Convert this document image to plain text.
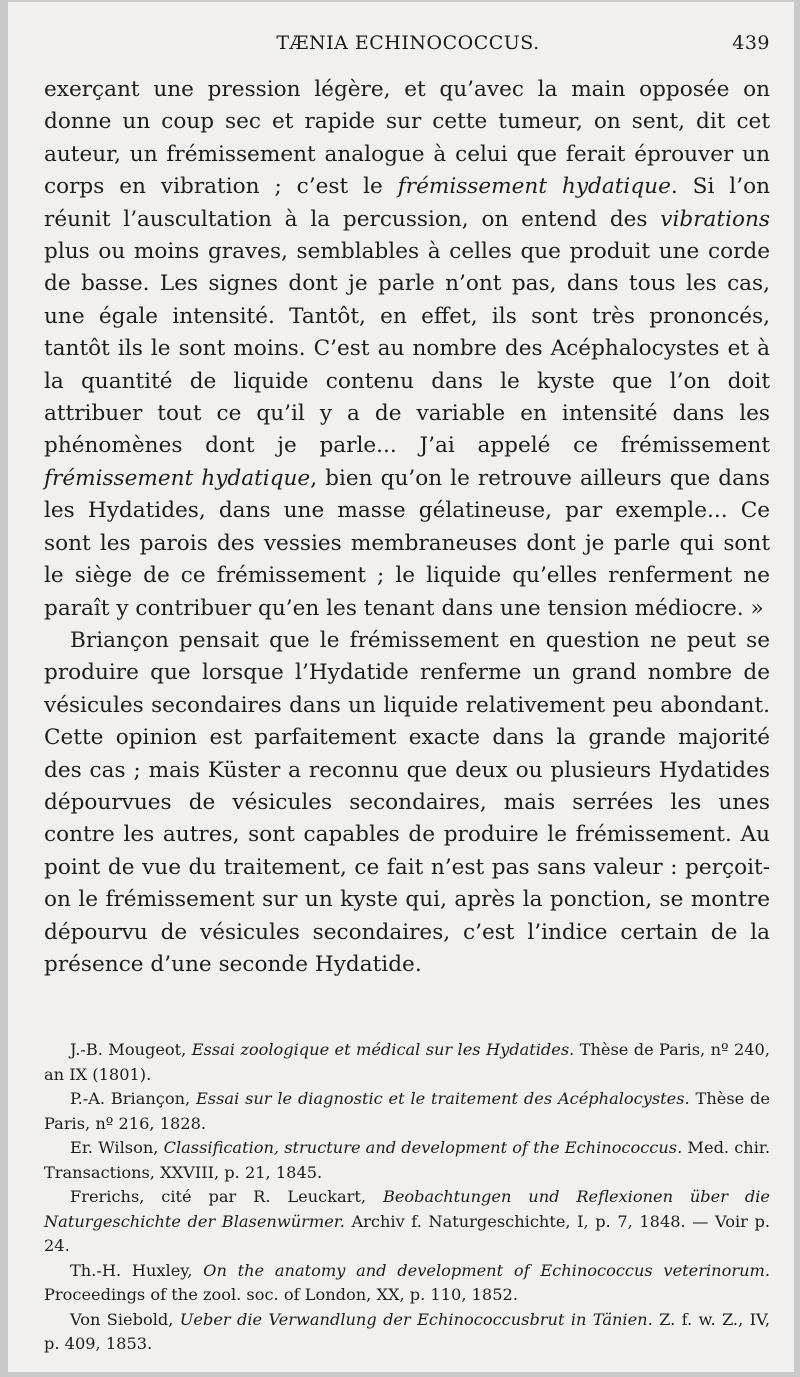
TÆNIA ECHINOCOCCUS.	439

exerçant une pression légère, et qu’avec la main opposée on donne un coup sec et rapide sur cette tumeur, on sent, dit cet auteur, un frémissement analogue à celui que ferait éprouver un corps en vibration ; c’est le frémissement hydatique. Si l’on réunit l’auscultation à la percussion, on entend des vibrations plus ou moins graves, semblables à celles que produit une corde de basse. Les signes dont je parle n’ont pas, dans tous les cas, une égale intensité. Tantôt, en effet, ils sont très prononcés, tantôt ils le sont moins. C’est au nombre des Acéphalocystes et à la quantité de liquide contenu dans le kyste que l’on doit attribuer tout ce qu’il y a de variable en intensité dans les phénomènes dont je parle... J’ai appelé ce frémissement frémissement hydatique, bien qu’on le retrouve ailleurs que dans les Hydatides, dans une masse gélatineuse, par exemple... Ce sont les parois des vessies membraneuses dont je parle qui sont le siège de ce frémissement ; le liquide qu’elles renferment ne paraît y contribuer qu’en les tenant dans une tension médiocre. »

Briançon pensait que le frémissement en question ne peut se produire que lorsque l’Hydatide renferme un grand nombre de vésicules secondaires dans un liquide relativement peu abondant. Cette opinion est parfaitement exacte dans la grande majorité des cas ; mais Küster a reconnu que deux ou plusieurs Hydatides dépourvues de vésicules secondaires, mais serrées les unes contre les autres, sont capables de produire le frémissement. Au point de vue du traitement, ce fait n’est pas sans valeur : perçoit-on le frémissement sur un kyste qui, après la ponction, se montre dépourvu de vésicules secondaires, c’est l’indice certain de la présence d’une seconde Hydatide.

J.-B. Mougeot, Essai zoologique et médical sur les Hydatides. Thèse de Paris, nº 240, an IX (1801).

P.-A. Briançon, Essai sur le diagnostic et le traitement des Acéphalocystes. Thèse de Paris, nº 216, 1828.

Er. Wilson, Classification, structure and development of the Echinococcus. Med. chir. Transactions, XXVIII, p. 21, 1845.

Frerichs, cité par R. Leuckart, Beobachtungen und Reflexionen über die Naturgeschichte der Blasenwürmer. Archiv f. Naturgeschichte, I, p. 7, 1848. — Voir p. 24.

Th.-H. Huxley, On the anatomy and development of Echinococcus veterinorum. Proceedings of the zool. soc. of London, XX, p. 110, 1852.

Von Siebold, Ueber die Verwandlung der Echinococcusbrut in Tänien. Z. f. w. Z., IV, p. 409, 1853.
